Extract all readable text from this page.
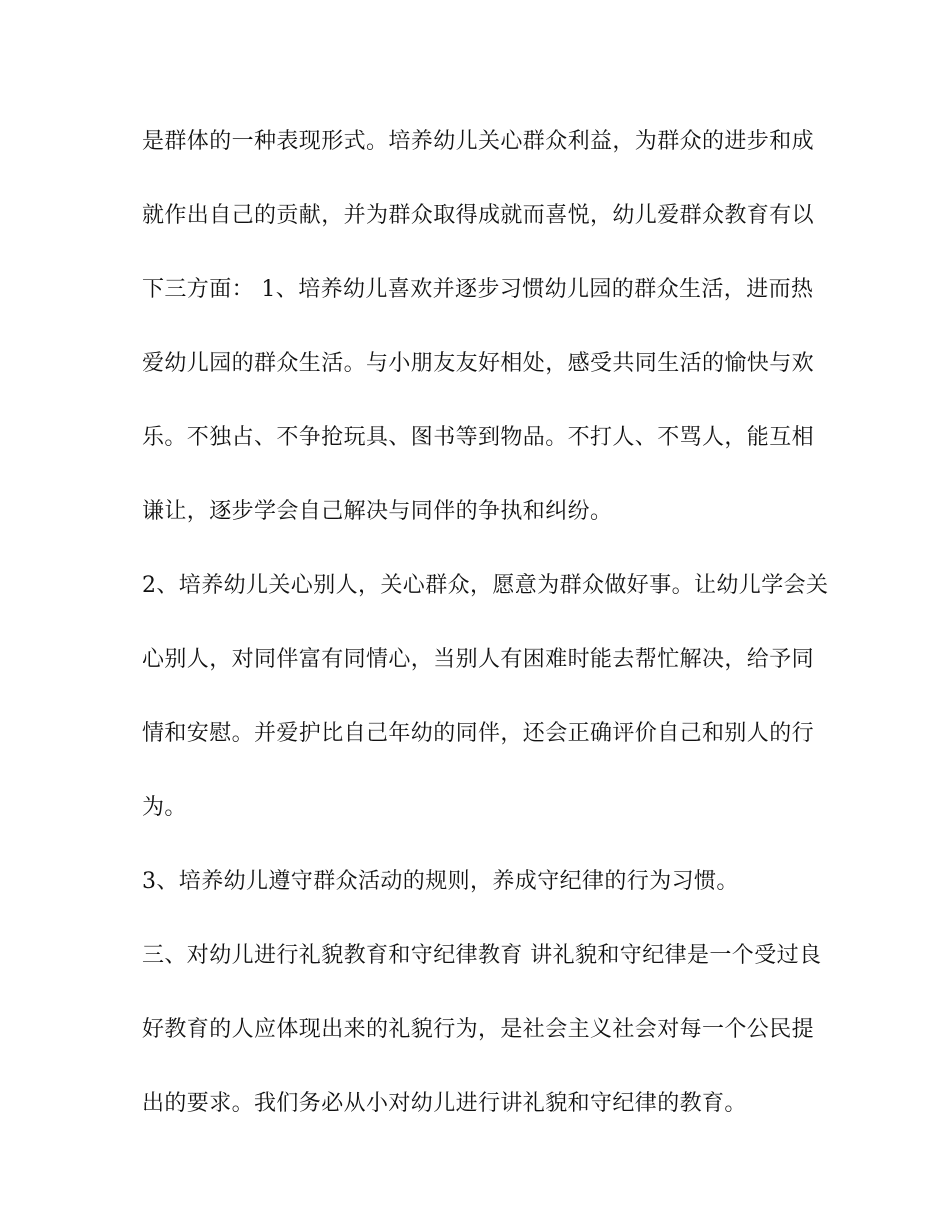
是群体的一种表现形式。培养幼儿关心群众利益，为群众的进步和成
就作出自己的贡献，并为群众取得成就而喜悦，幼儿爱群众教育有以
下三方面： 1、培养幼儿喜欢并逐步习惯幼儿园的群众生活，进而热
爱幼儿园的群众生活。与小朋友友好相处，感受共同生活的愉快与欢
乐。不独占、不争抢玩具、图书等到物品。不打人、不骂人，能互相
谦让，逐步学会自己解决与同伴的争执和纠纷。
2、培养幼儿关心别人，关心群众，愿意为群众做好事。让幼儿学会关
心别人，对同伴富有同情心，当别人有困难时能去帮忙解决，给予同
情和安慰。并爱护比自己年幼的同伴，还会正确评价自己和别人的行
为。
3、培养幼儿遵守群众活动的规则，养成守纪律的行为习惯。
三、对幼儿进行礼貌教育和守纪律教育 讲礼貌和守纪律是一个受过良
好教育的人应体现出来的礼貌行为，是社会主义社会对每一个公民提
出的要求。我们务必从小对幼儿进行讲礼貌和守纪律的教育。
